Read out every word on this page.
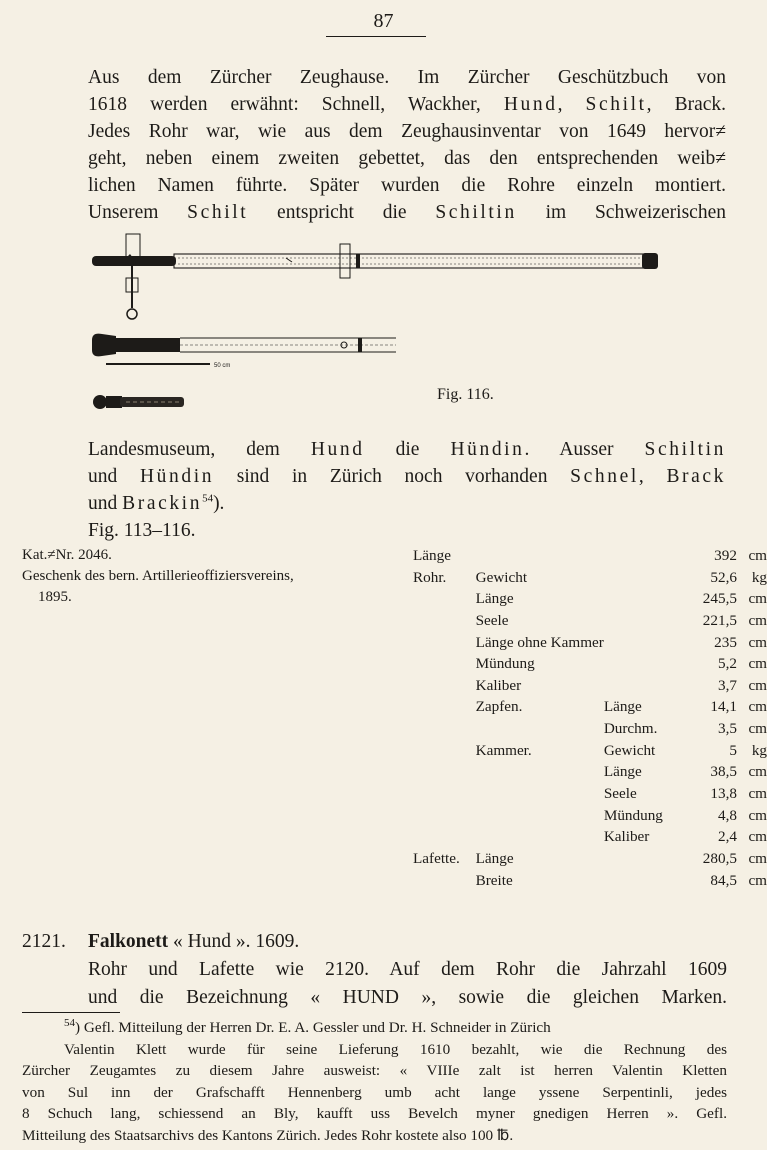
87
Aus dem Zürcher Zeughause. Im Zürcher Geschützbuch von
1618 werden erwähnt: Schnell, Wackher, Hund, Schilt, Brack.
Jedes Rohr war, wie aus dem Zeughausinventar von 1649 hervor≠
geht, neben einem zweiten gebettet, das den entsprechenden weib≠
lichen Namen führte. Später wurden die Rohre einzeln montiert.
Unserem Schilt entspricht die Schiltin im Schweizerischen
50 cm
Fig. 116.
Landesmuseum, dem Hund die Hündin. Ausser Schiltin
und Hündin sind in Zürich noch vorhanden Schnel, Brack
und Brackin$^{54}$).
Fig. 113–116.
Kat.≠Nr. 2046.
Geschenk des bern. Artillerieoffiziersvereins,
1895.
Länge			392	cm
Rohr.	Gewicht		52,6	kg
	Länge		245,5	cm
	Seele		221,5	cm
	Länge ohne Kammer		235	cm
	Mündung		5,2	cm
	Kaliber		3,7	cm
	Zapfen.	Länge	14,1	cm
		Durchm.	3,5	cm
	Kammer.	Gewicht	5	kg
		Länge	38,5	cm
		Seele	13,8	cm
		Mündung	4,8	cm
		Kaliber	2,4	cm
Lafette.	Länge		280,5	cm
	Breite		84,5	cm
2121. Falkonett « Hund ». 1609.
Rohr und Lafette wie 2120. Auf dem Rohr die Jahrzahl 1609
und die Bezeichnung « HUND », sowie die gleichen Marken.
$^{54}$) Gefl. Mitteilung der Herren Dr. E. A. Gessler und Dr. H. Schneider in Zürich
Valentin Klett wurde für seine Lieferung 1610 bezahlt, wie die Rechnung des
Zürcher Zeugamtes zu diesem Jahre ausweist: « VIIIe zalt ist herren Valentin Kletten
von Sul inn der Grafschafft Hennenberg umb acht lange yssene Serpentinli, jedes
8 Schuch lang, schiessend an Bly, kaufft uss Bevelch myner gnedigen Herren ». Gefl.
Mitteilung des Staatsarchivs des Kantons Zürich. Jedes Rohr kostete also 100 ℔.
